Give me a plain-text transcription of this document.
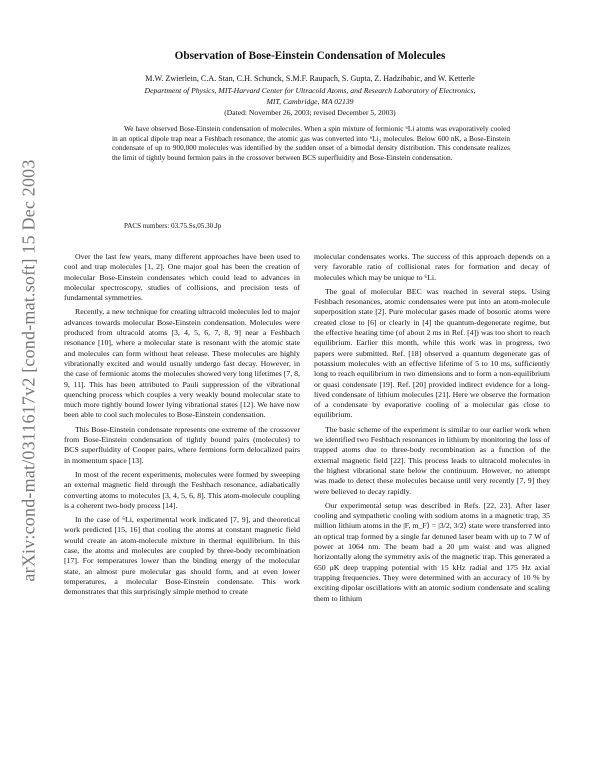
arXiv:cond-mat/0311617v2 [cond-mat.soft] 15 Dec 2003
Observation of Bose-Einstein Condensation of Molecules
M.W. Zwierlein, C.A. Stan, C.H. Schunck, S.M.F. Raupach, S. Gupta, Z. Hadzibabic, and W. Ketterle
Department of Physics, MIT-Harvard Center for Ultracold Atoms, and Research Laboratory of Electronics,
MIT, Cambridge, MA 02139
(Dated: November 26, 2003; revised December 5, 2003)

We have observed Bose-Einstein condensation of molecules. When a spin mixture of fermionic ⁶Li atoms was evaporatively cooled in an optical dipole trap near a Feshbach resonance, the atomic gas was converted into ⁶Li₂ molecules. Below 600 nK, a Bose-Einstein condensate of up to 900,000 molecules was identified by the sudden onset of a bimodal density distribution. This condensate realizes the limit of tightly bound fermion pairs in the crossover between BCS superfluidity and Bose-Einstein condensation.

PACS numbers: 03.75.Ss,05.30.Jp

Over the last few years, many different approaches have been used to cool and trap molecules [1, 2]. One major goal has been the creation of molecular Bose-Einstein condensates which could lead to advances in molecular spectroscopy, studies of collisions, and precision tests of fundamental symmetries.

Recently, a new technique for creating ultracold molecules led to major advances towards molecular Bose-Einstein condensation. Molecules were produced from ultracold atoms [3, 4, 5, 6, 7, 8, 9] near a Feshbach resonance [10], where a molecular state is resonant with the atomic state and molecules can form without heat release. These molecules are highly vibrationally excited and would usually undergo fast decay. However, in the case of fermionic atoms the molecules showed very long lifetimes [7, 8, 9, 11]. This has been attributed to Pauli suppression of the vibrational quenching process which couples a very weakly bound molecular state to much more tightly bound lower lying vibrational states [12]. We have now been able to cool such molecules to Bose-Einstein condensation.

This Bose-Einstein condensate represents one extreme of the crossover from Bose-Einstein condensation of tightly bound pairs (molecules) to BCS superfluidity of Cooper pairs, where fermions form delocalized pairs in momentum space [13].

In most of the recent experiments, molecules were formed by sweeping an external magnetic field through the Feshbach resonance, adiabatically converting atoms to molecules [3, 4, 5, 6, 8]. This atom-molecule coupling is a coherent two-body process [14].

In the case of ⁶Li, experimental work indicated [7, 9], and theoretical work predicted [15, 16] that cooling the atoms at constant magnetic field would create an atom-molecule mixture in thermal equilibrium. In this case, the atoms and molecules are coupled by three-body recombination [17]. For temperatures lower than the binding energy of the molecular state, an almost pure molecular gas should form, and at even lower temperatures, a molecular Bose-Einstein condensate. This work demonstrates that this surprisingly simple method to create

molecular condensates works. The success of this approach depends on a very favorable ratio of collisional rates for formation and decay of molecules which may be unique to ⁶Li.

The goal of molecular BEC was reached in several steps. Using Feshbach resonances, atomic condensates were put into an atom-molecule superposition state [2]. Pure molecular gases made of bosonic atoms were created close to [6] or clearly in [4] the quantum-degenerate regime, but the effective heating time (of about 2 ms in Ref. [4]) was too short to reach equilibrium. Earlier this month, while this work was in progress, two papers were submitted. Ref. [18] observed a quantum degenerate gas of potassium molecules with an effective lifetime of 5 to 10 ms, sufficiently long to reach equilibrium in two dimensions and to form a non-equilibrium or quasi condensate [19]. Ref. [20] provided indirect evidence for a long-lived condensate of lithium molecules [21]. Here we observe the formation of a condensate by evaporative cooling of a molecular gas close to equilibrium.

The basic scheme of the experiment is similar to our earlier work when we identified two Feshbach resonances in lithium by monitoring the loss of trapped atoms due to three-body recombination as a function of the external magnetic field [22]. This process leads to ultracold molecules in the highest vibrational state below the continuum. However, no attempt was made to detect these molecules because until very recently [7, 9] they were believed to decay rapidly.

Our experimental setup was described in Refs. [22, 23]. After laser cooling and sympathetic cooling with sodium atoms in a magnetic trap, 35 million lithium atoms in the |F, m_F⟩ = |3/2, 3/2⟩ state were transferred into an optical trap formed by a single far detuned laser beam with up to 7 W of power at 1064 nm. The beam had a 20 μm waist and was aligned horizontally along the symmetry axis of the magnetic trap. This generated a 650 μK deep trapping potential with 15 kHz radial and 175 Hz axial trapping frequencies. They were determined with an accuracy of 10 % by exciting dipolar oscillations with an atomic sodium condensate and scaling them to lithium
